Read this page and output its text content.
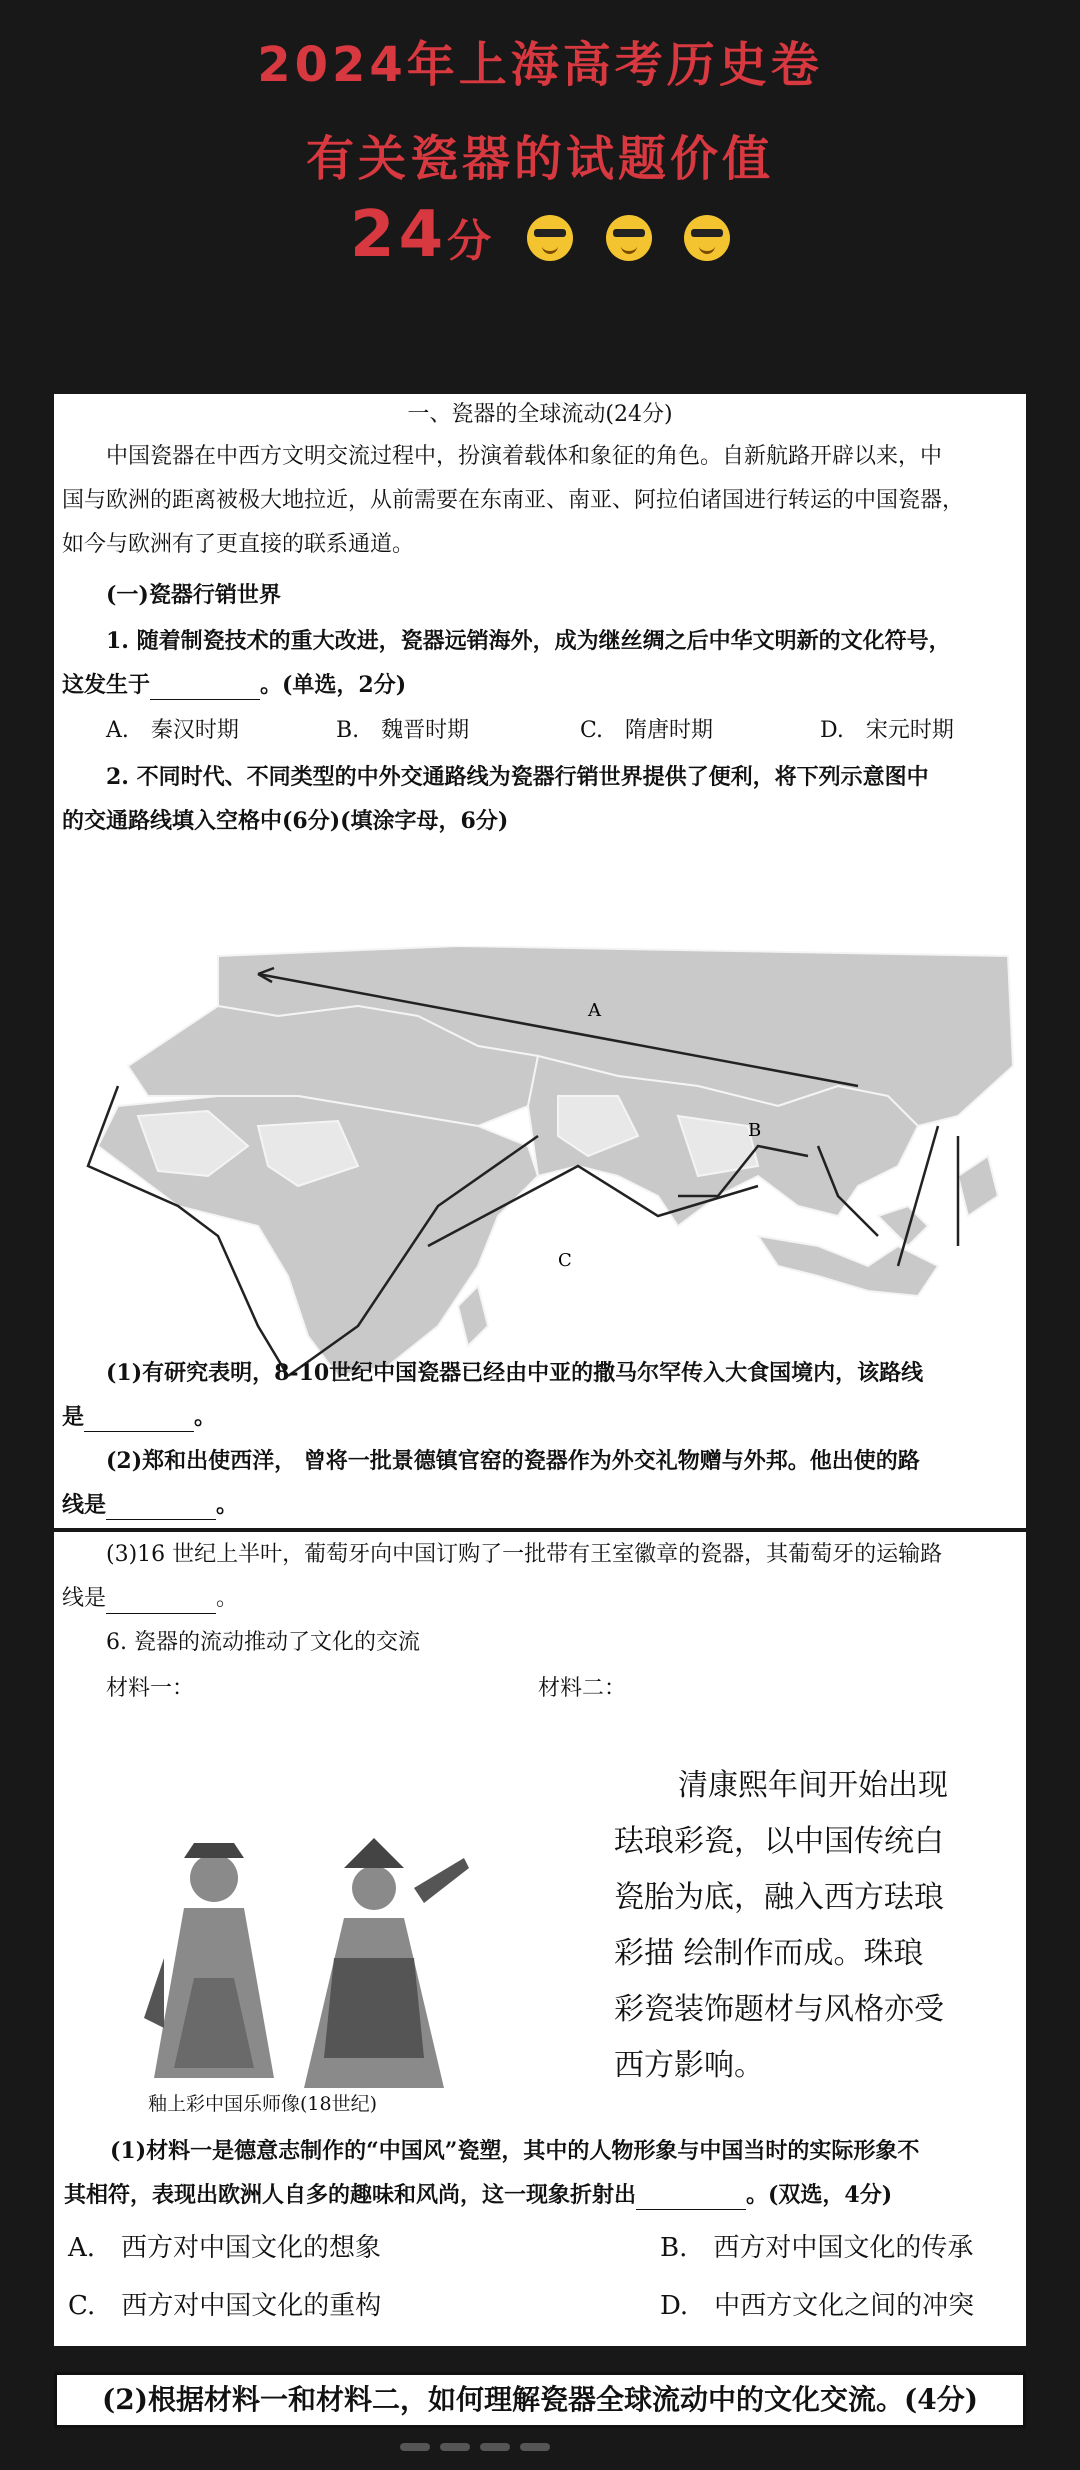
2024年上海高考历史卷
有关瓷器的试题价值
24分
一、瓷器的全球流动(24分)
中国瓷器在中西方文明交流过程中，扮演着载体和象征的角色。自新航路开辟以来，中
国与欧洲的距离被极大地拉近，从前需要在东南亚、南亚、阿拉伯诸国进行转运的中国瓷器，
如今与欧洲有了更直接的联系通道。
(一)瓷器行销世界
1. 随着制瓷技术的重大改进，瓷器远销海外，成为继丝绸之后中华文明新的文化符号，
这发生于	。(单选，2分)
A.　秦汉时期	B.　魏晋时期	C.　隋唐时期	D.　宋元时期
2. 不同时代、不同类型的中外交通路线为瓷器行销世界提供了便利，将下列示意图中
的交通路线填入空格中(6分)(填涂字母，6分)
A
B
C
(1)有研究表明，8-10世纪中国瓷器已经由中亚的撒马尔罕传入大食国境内，该路线
是	。
(2)郑和出使西洋， 曾将一批景德镇官窑的瓷器作为外交礼物赠与外邦。他出使的路
线是	。
(3)16 世纪上半叶，葡萄牙向中国订购了一批带有王室徽章的瓷器，其葡萄牙的运输路
线是	。
6. 瓷器的流动推动了文化的交流
材料一：	材料二：
釉上彩中国乐师像(18世纪)
清康熙年间开始出现
珐琅彩瓷，以中国传统白
瓷胎为底，融入西方珐琅
彩描 绘制作而成。珠琅
彩瓷装饰题材与风格亦受
西方影响。
(1)材料一是德意志制作的“中国风”瓷塑，其中的人物形象与中国当时的实际形象不
其相符，表现出欧洲人自多的趣味和风尚，这一现象折射出	。(双选，4分)
A.　西方对中国文化的想象	B.　西方对中国文化的传承
C.　西方对中国文化的重构	D.　中西方文化之间的冲突
(2)根据材料一和材料二，如何理解瓷器全球流动中的文化交流。(4分)
